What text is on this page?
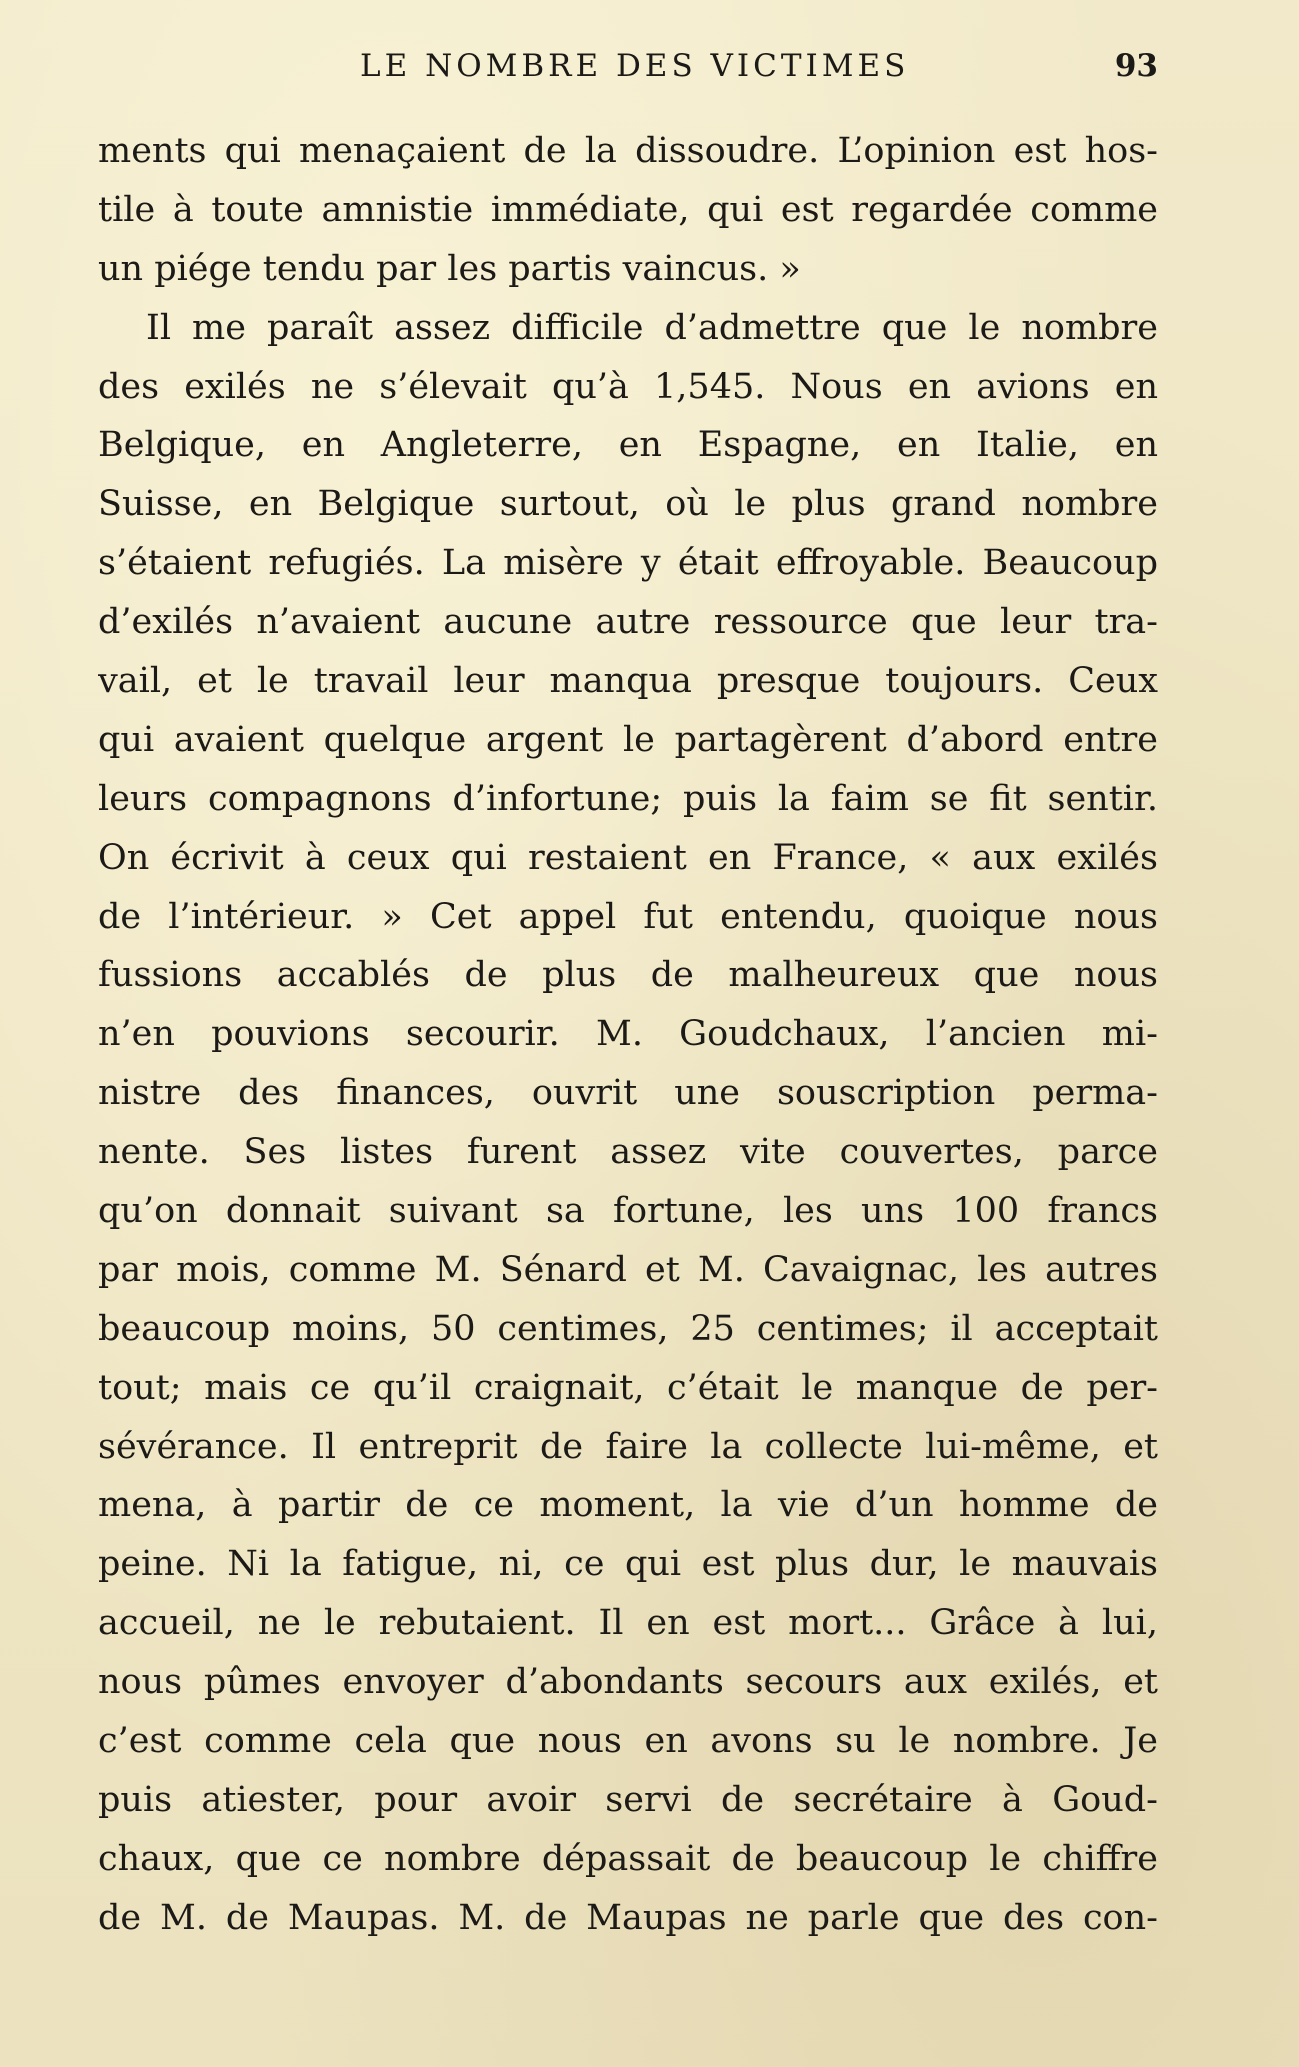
LE NOMBRE DES VICTIMES	93
ments qui menaçaient de la dissoudre. L’opinion est hos-
tile à toute amnistie immédiate, qui est regardée comme
un piége tendu par les partis vaincus. »
Il me paraît assez difficile d’admettre que le nombre
des exilés ne s’élevait qu’à 1,545. Nous en avions en
Belgique, en Angleterre, en Espagne, en Italie, en
Suisse, en Belgique surtout, où le plus grand nombre
s’étaient refugiés. La misère y était effroyable. Beaucoup
d’exilés n’avaient aucune autre ressource que leur tra-
vail, et le travail leur manqua presque toujours. Ceux
qui avaient quelque argent le partagèrent d’abord entre
leurs compagnons d’infortune; puis la faim se fit sentir.
On écrivit à ceux qui restaient en France, « aux exilés
de l’intérieur. » Cet appel fut entendu, quoique nous
fussions accablés de plus de malheureux que nous
n’en pouvions secourir. M. Goudchaux, l’ancien mi-
nistre des finances, ouvrit une souscription perma-
nente. Ses listes furent assez vite couvertes, parce
qu’on donnait suivant sa fortune, les uns 100 francs
par mois, comme M. Sénard et M. Cavaignac, les autres
beaucoup moins, 50 centimes, 25 centimes; il acceptait
tout; mais ce qu’il craignait, c’était le manque de per-
sévérance. Il entreprit de faire la collecte lui-même, et
mena, à partir de ce moment, la vie d’un homme de
peine. Ni la fatigue, ni, ce qui est plus dur, le mauvais
accueil, ne le rebutaient. Il en est mort... Grâce à lui,
nous pûmes envoyer d’abondants secours aux exilés, et
c’est comme cela que nous en avons su le nombre. Je
puis atiester, pour avoir servi de secrétaire à Goud-
chaux, que ce nombre dépassait de beaucoup le chiffre
de M. de Maupas. M. de Maupas ne parle que des con-
